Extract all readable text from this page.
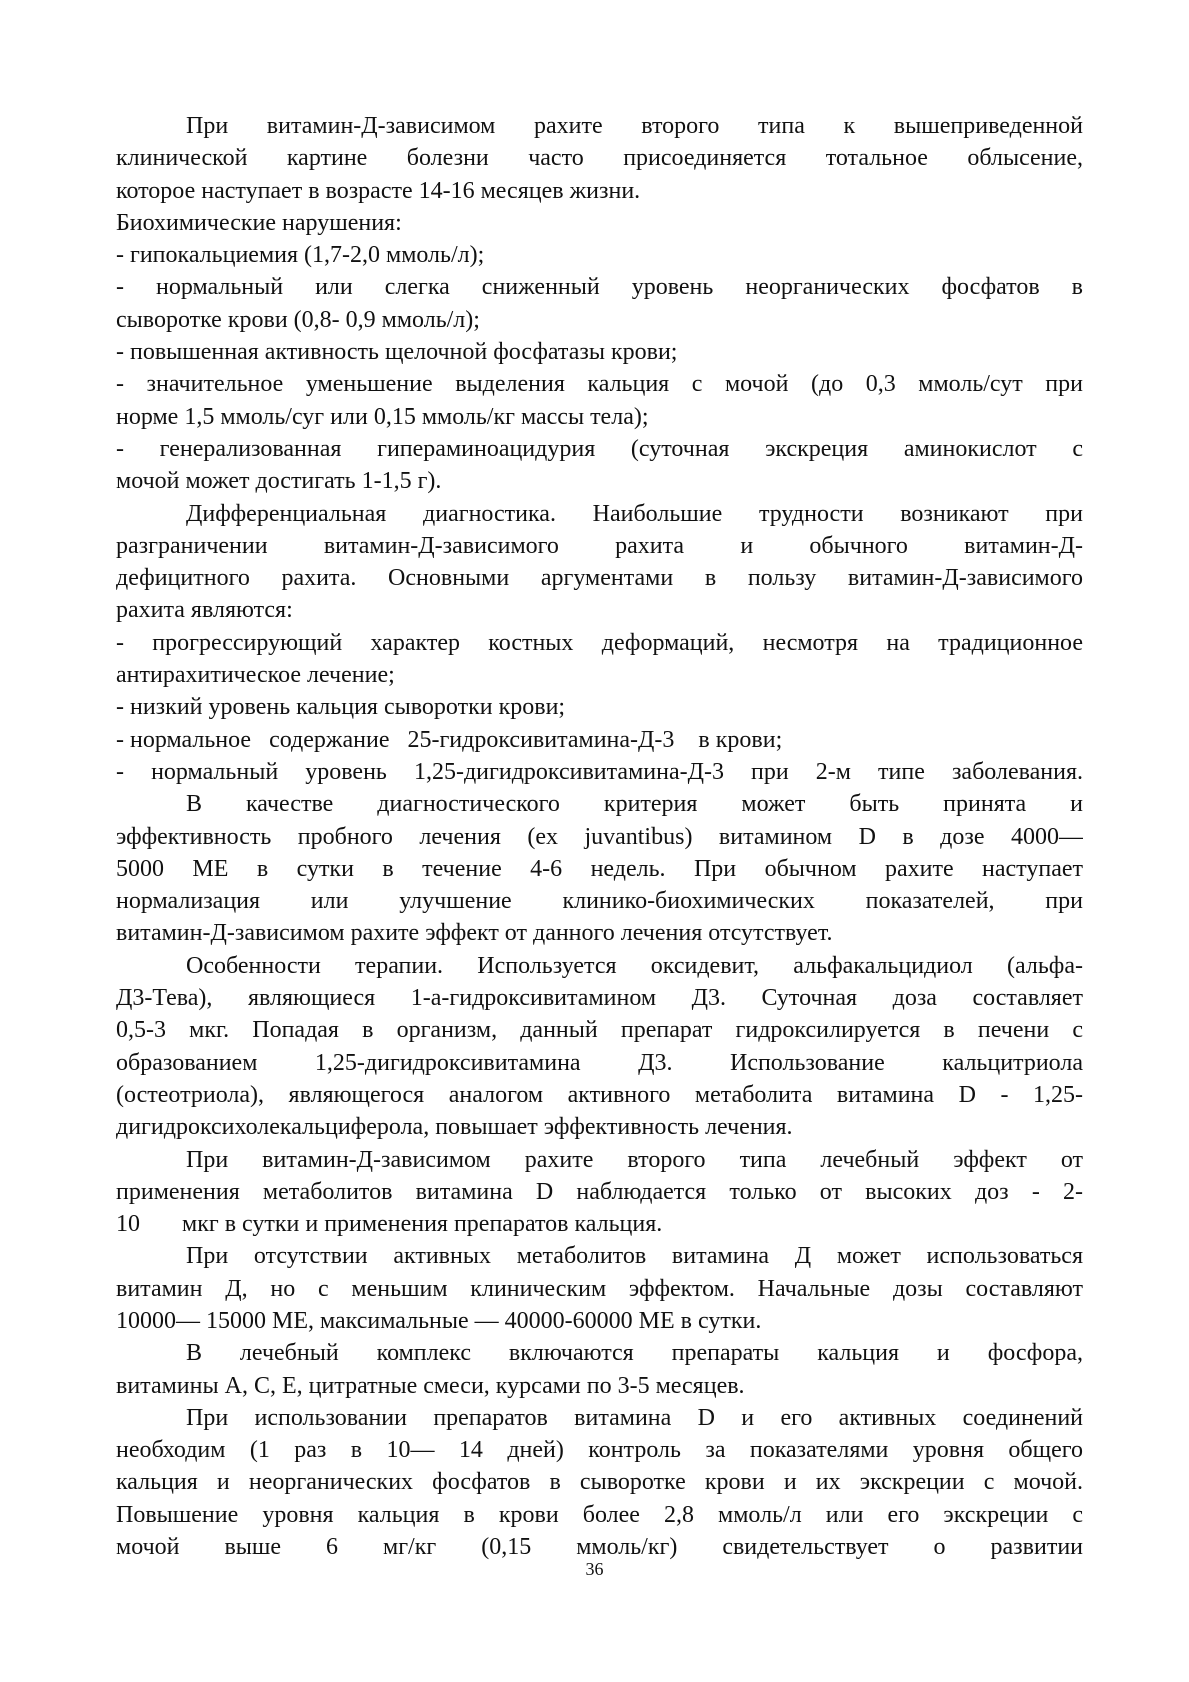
При витамин-Д-зависимом рахите второго типа к вышеприведенной
клинической картине болезни часто присоединяется тотальное облысение,
которое наступает в возрасте 14-16 месяцев жизни.
Биохимические нарушения:
- гипокальциемия (1,7-2,0 ммоль/л);
- нормальный или слегка сниженный уровень неорганических фосфатов в
сыворотке крови (0,8- 0,9 ммоль/л);
- повышенная активность щелочной фосфатазы крови;
- значительное уменьшение выделения кальция с мочой (до 0,3 ммоль/сут при
норме 1,5 ммоль/суг или 0,15 ммоль/кг массы тела);
- генерализованная гипераминоацидурия (суточная экскреция аминокислот с
мочой может достигать 1-1,5 г).
Дифференциальная диагностика. Наибольшие трудности возникают при
разграничении витамин-Д-зависимого рахита и обычного витамин-Д-
дефицитного рахита. Основными аргументами в пользу витамин-Д-зависимого
рахита являются:
- прогрессирующий характер костных деформаций, несмотря на традиционное
антирахитическое лечение;
- низкий уровень кальция сыворотки крови;
- нормальное   содержание   25-гидроксивитамина-Д-3    в крови;
- нормальный уровень 1,25-дигидроксивитамина-Д-3 при 2-м типе заболевания.
В качестве диагностического критерия может быть принята и
эффективность пробного лечения (ex juvantibus) витамином D в дозе 4000—
5000 ME в сутки в течение 4-6 недель. При обычном рахите наступает
нормализация или улучшение клинико-биохимических показателей, при
витамин-Д-зависимом рахите эффект от данного лечения отсутствует.
Особенности терапии. Используется оксидевит, альфакальцидиол (альфа-
Д3-Тева), являющиеся 1-а-гидроксивитамином Д3. Суточная доза составляет
0,5-3 мкг. Попадая в организм, данный препарат гидроксилируется в печени с
образованием 1,25-дигидроксивитамина Д3. Использование кальцитриола
(остеотриола), являющегося аналогом активного метаболита витамина D - 1,25-
дигидроксихолекальциферола, повышает эффективность лечения.
При витамин-Д-зависимом рахите второго типа лечебный эффект от
применения метаболитов витамина D наблюдается только от высоких доз - 2-
10       мкг в сутки и применения препаратов кальция.
При отсутствии активных метаболитов витамина Д может использоваться
витамин Д, но с меньшим клиническим эффектом. Начальные дозы составляют
10000— 15000 ME, максимальные — 40000-60000 ME в сутки.
В лечебный комплекс включаются препараты кальция и фосфора,
витамины А, С, Е, цитратные смеси, курсами по 3-5 месяцев.
При использовании препаратов витамина D и его активных соединений
необходим (1 раз в 10— 14 дней) контроль за показателями уровня общего
кальция и неорганических фосфатов в сыворотке крови и их экскреции с мочой.
Повышение уровня кальция в крови более 2,8 ммоль/л или его экскреции с
мочой выше 6 мг/кг (0,15 ммоль/кг) свидетельствует о развитии
36
